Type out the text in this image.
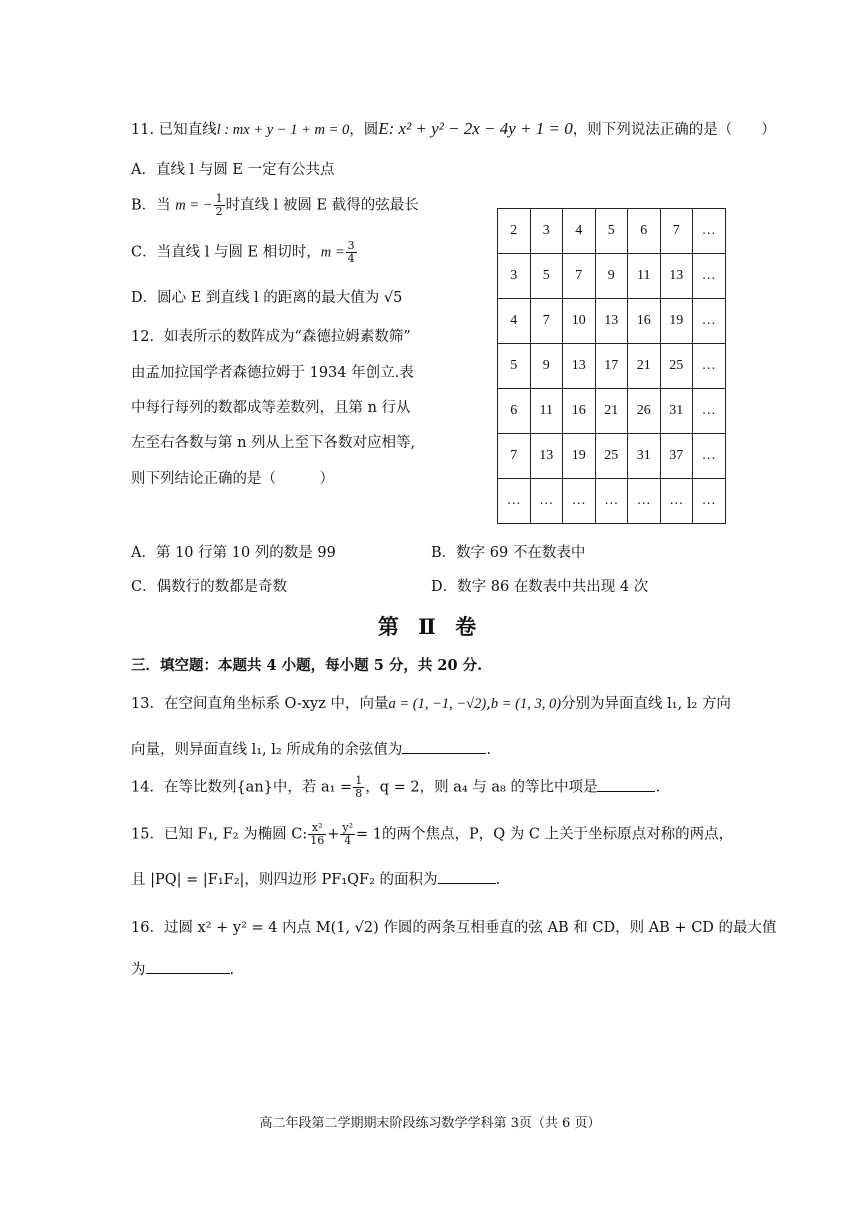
11. 已知直线l : mx + y − 1 + m = 0，圆E: x² + y² − 2x − 4y + 1 = 0，则下列说法正确的是（　　）
A．直线 l 与圆 E 一定有公共点
B．当 m = − $\frac{1}{2}$ 时直线 l 被圆 E 截得的弦最长
C．当直线 l 与圆 E 相切时，$m = \frac{3}{4}$
D．圆心 E 到直线 l 的距离的最大值为 √5
12．如表所示的数阵成为“森德拉姆素数筛”
由孟加拉国学者森德拉姆于 1934 年创立.表
中每行每列的数都成等差数列，且第 n 行从
左至右各数与第 n 列从上至下各数对应相等,
则下列结论正确的是（　　　）
2	3	4	5	6	7	…
3	5	7	9	11	13	…
4	7	10	13	16	19	…
5	9	13	17	21	25	…
6	11	16	21	26	31	…
7	13	19	25	31	37	…
…	…	…	…	…	…	…
A．第 10 行第 10 列的数是 99	B．数字 69 不在数表中
C．偶数行的数都是奇数	D．数字 86 在数表中共出现 4 次
第 Ⅱ 卷
三．填空题：本题共 4 小题，每小题 5 分，共 20 分.
13．在空间直角坐标系 O-xyz 中，向量a = (1, −1, −√2),b = (1, 3, 0)分别为异面直线 l₁, l₂ 方向
向量，则异面直线 l₁, l₂ 所成角的余弦值为	.
14．在等比数列{an}中，若 $a_1 = \frac{1}{8}$ ，q = 2，则 a₄ 与 a₈ 的等比中项是	.
15．已知 F₁, F₂ 为椭圆 C: $\frac{\text{x²}}{16} + \frac{\text{y²}}{4} = 1$的两个焦点，P，Q 为 C 上关于坐标原点对称的两点，
且 |PQ| = |F₁F₂|，则四边形 PF₁QF₂ 的面积为	.
16．过圆 x² + y² = 4 内点 M(1, √2) 作圆的两条互相垂直的弦 AB 和 CD，则 AB + CD 的最大值
为	.
高二年段第二学期期末阶段练习数学学科第 3页（共 6 页）
